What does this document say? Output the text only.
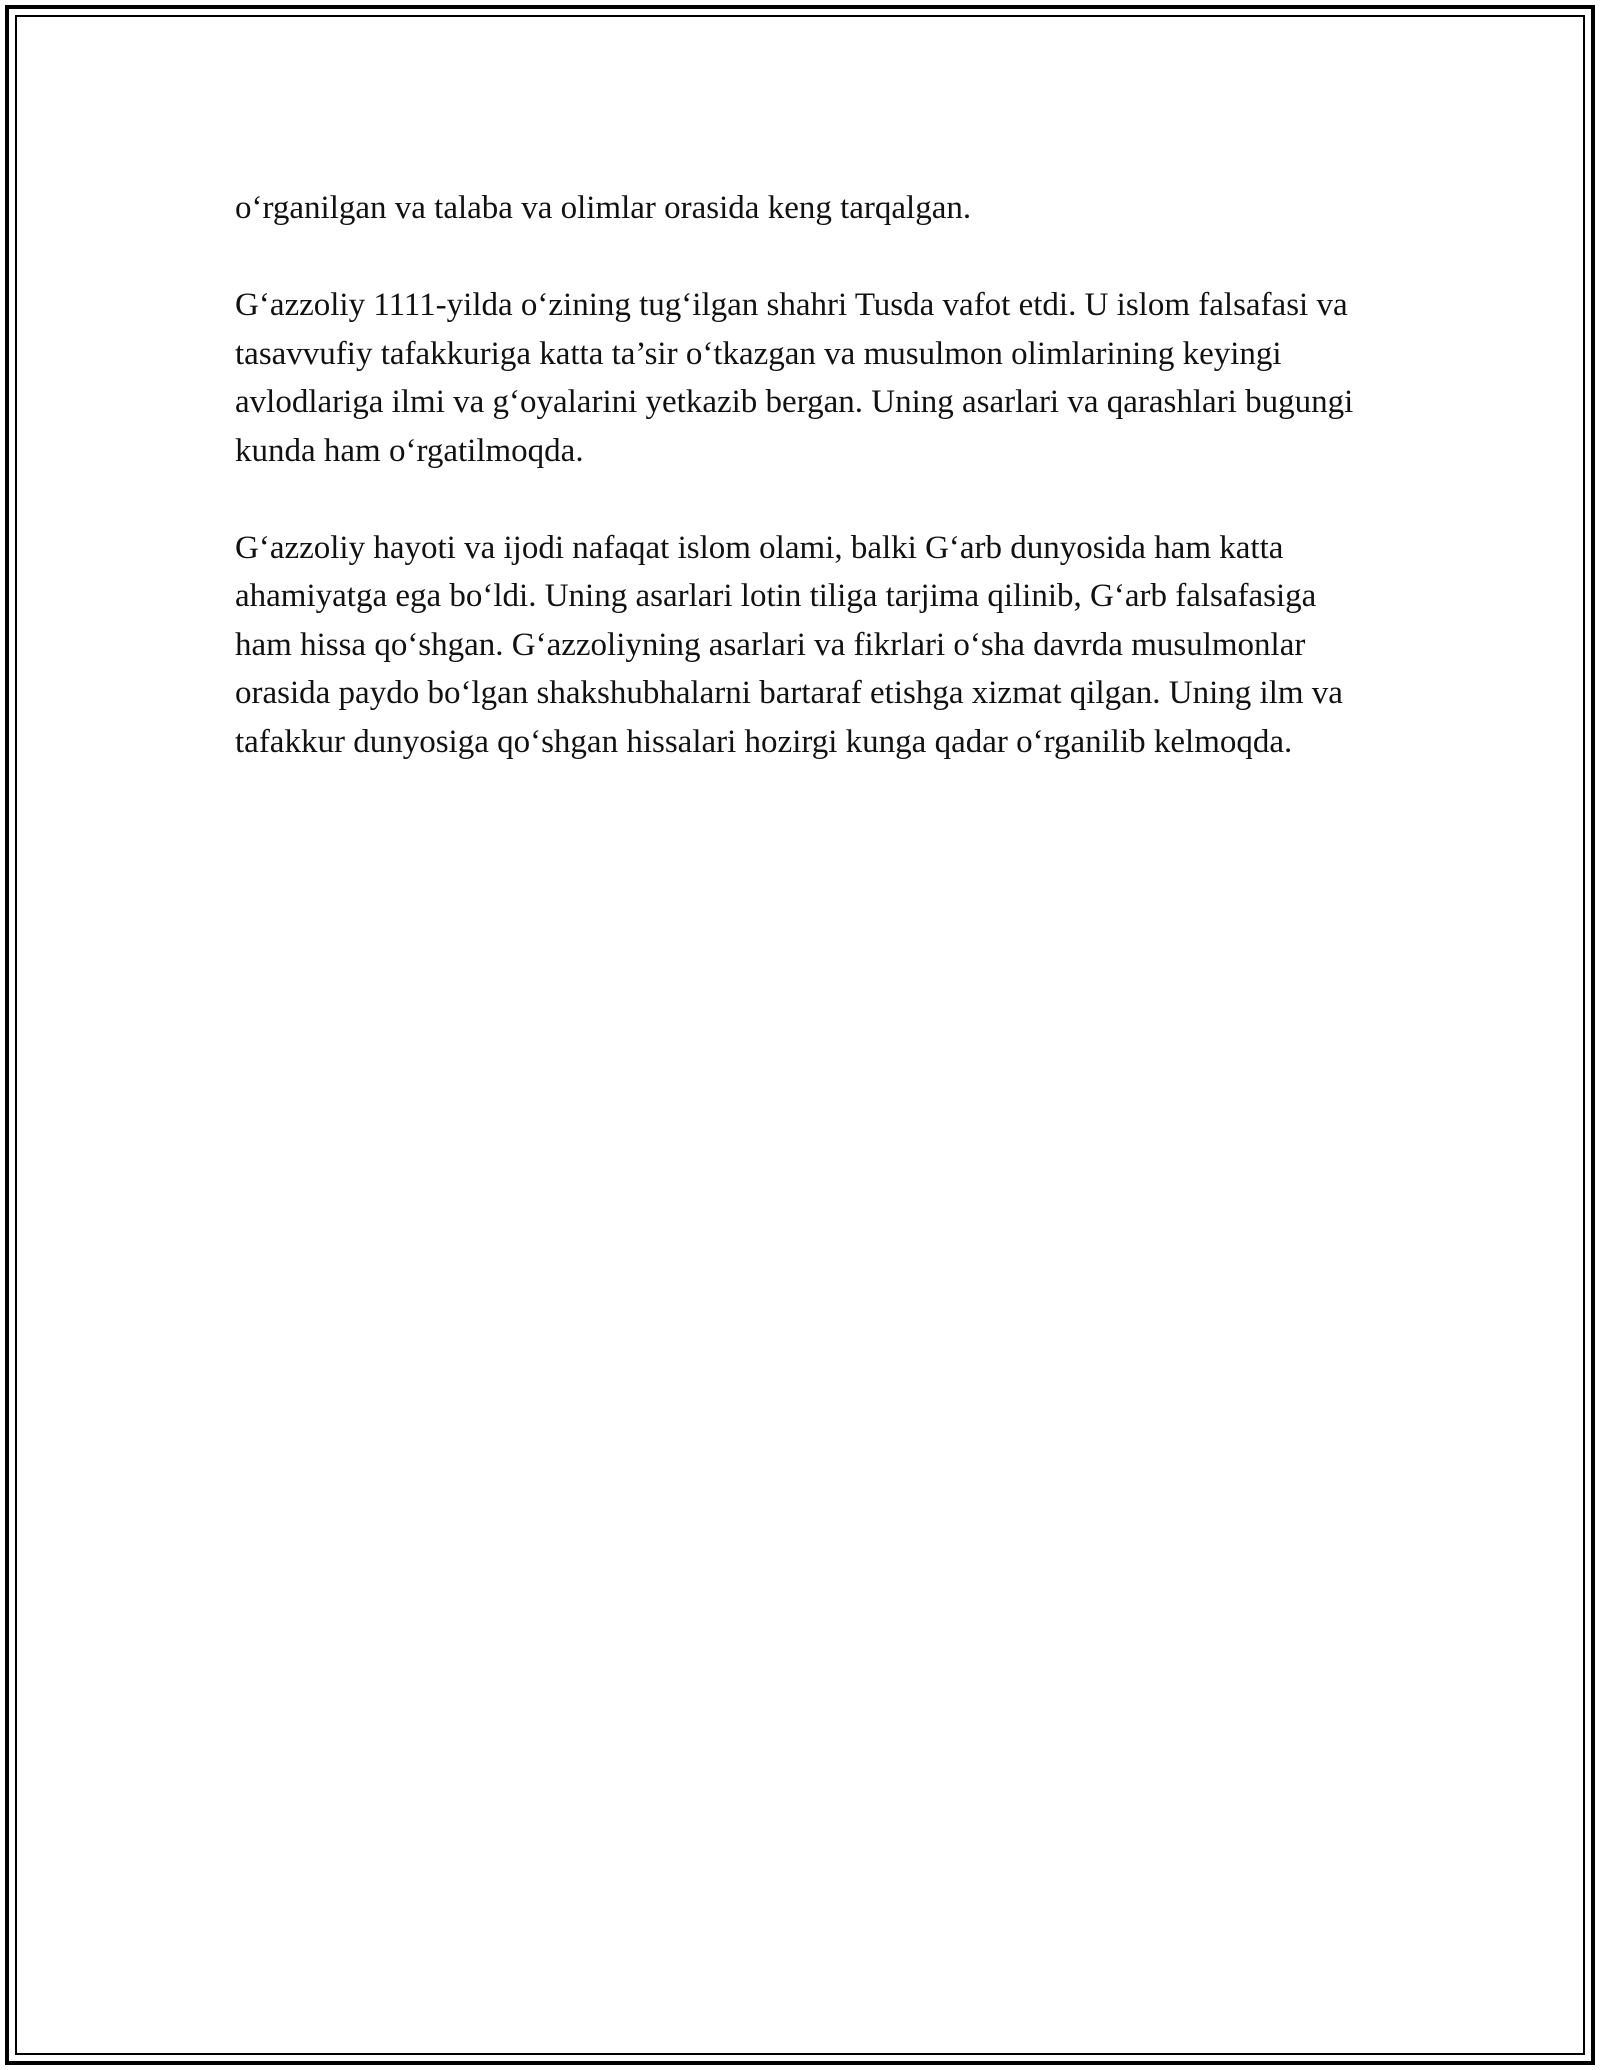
o‘rganilgan va talaba va olimlar orasida keng tarqalgan.

G‘azzoliy 1111-yilda o‘zining tug‘ilgan shahri Tusda vafot etdi. U islom falsafasi va tasavvufiy tafakkuriga katta ta’sir o‘tkazgan va musulmon olimlarining keyingi avlodlariga ilmi va g‘oyalarini yetkazib bergan. Uning asarlari va qarashlari bugungi kunda ham o‘rgatilmoqda.

G‘azzoliy hayoti va ijodi nafaqat islom olami, balki G‘arb dunyosida ham katta ahamiyatga ega bo‘ldi. Uning asarlari lotin tiliga tarjima qilinib, G‘arb falsafasiga ham hissa qo‘shgan. G‘azzoliyning asarlari va fikrlari o‘sha davrda musulmonlar orasida paydo bo‘lgan shakshubhalarni bartaraf etishga xizmat qilgan. Uning ilm va tafakkur dunyosiga qo‘shgan hissalari hozirgi kunga qadar o‘rganilib kelmoqda.
